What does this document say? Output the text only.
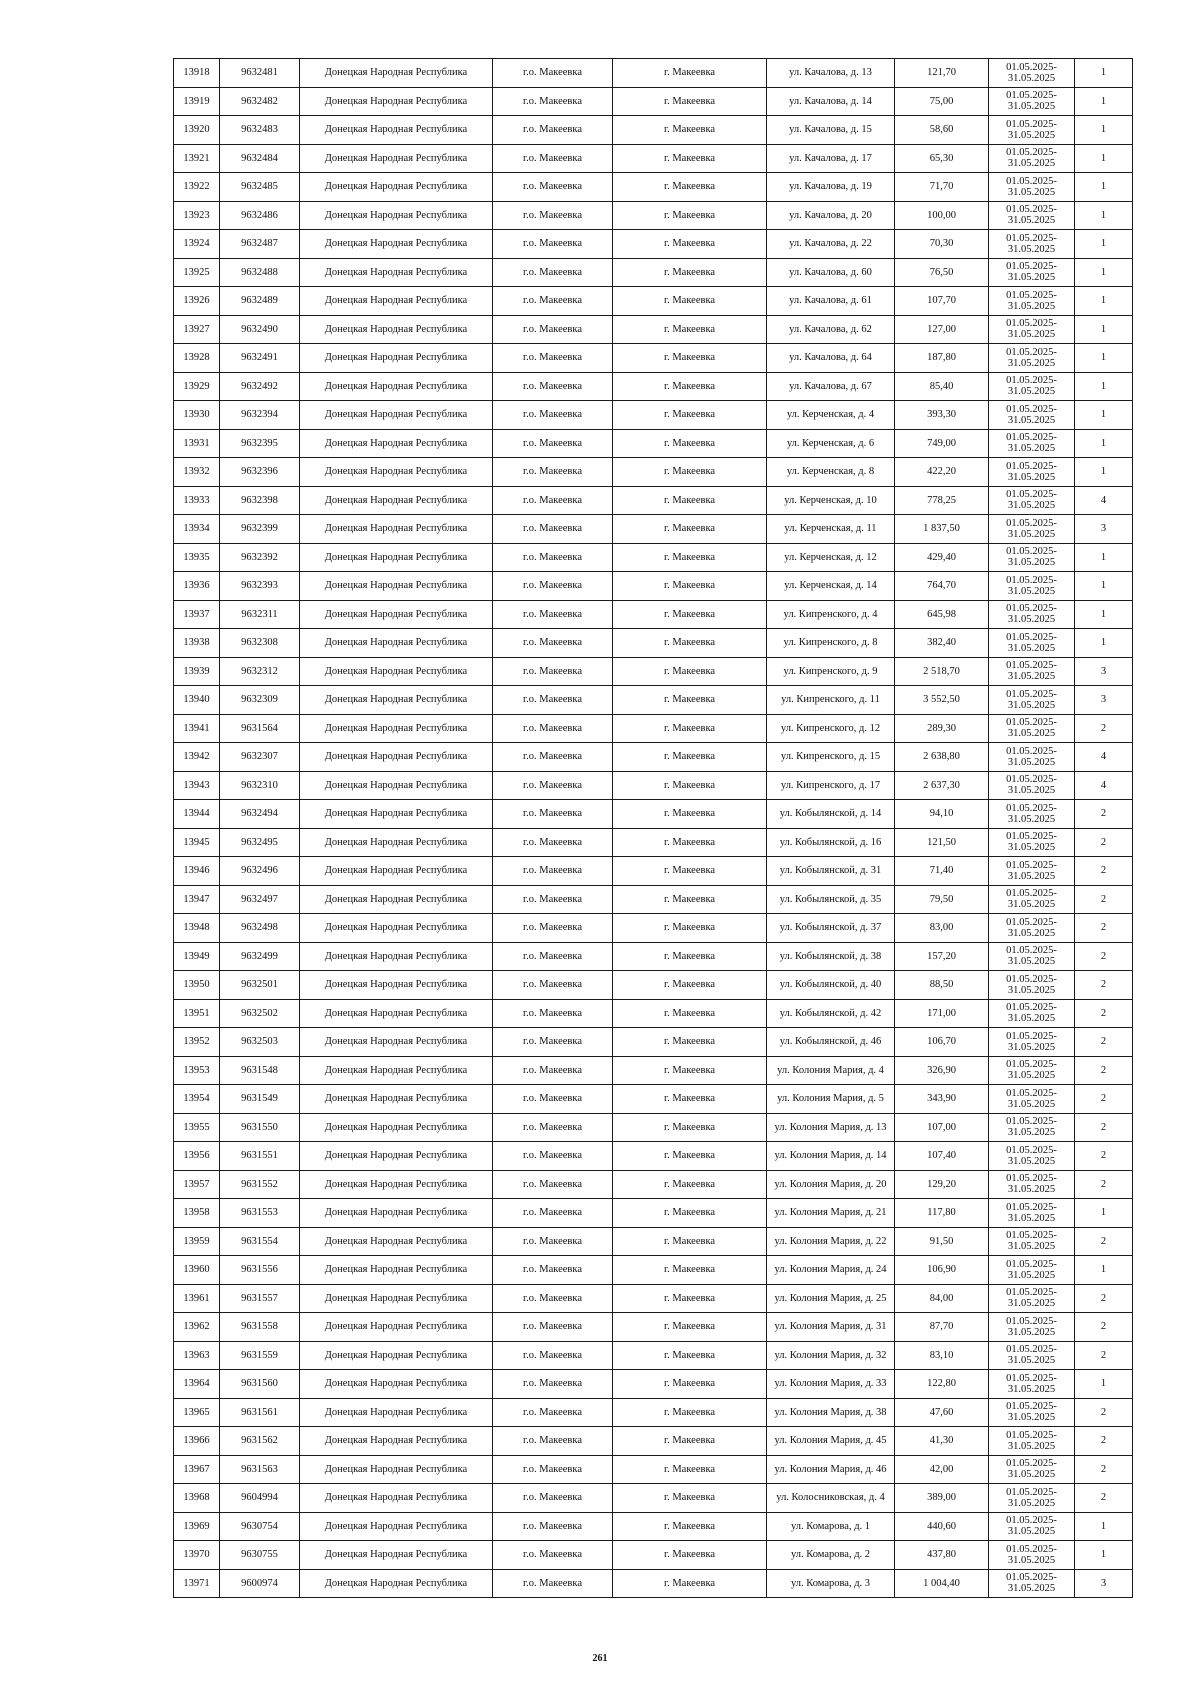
13918	9632481	Донецкая Народная Республика	г.о. Макеевка	г. Макеевка	ул. Качалова, д. 13	121,70	01.05.2025-
31.05.2025	1
13919	9632482	Донецкая Народная Республика	г.о. Макеевка	г. Макеевка	ул. Качалова, д. 14	75,00	01.05.2025-
31.05.2025	1
13920	9632483	Донецкая Народная Республика	г.о. Макеевка	г. Макеевка	ул. Качалова, д. 15	58,60	01.05.2025-
31.05.2025	1
13921	9632484	Донецкая Народная Республика	г.о. Макеевка	г. Макеевка	ул. Качалова, д. 17	65,30	01.05.2025-
31.05.2025	1
13922	9632485	Донецкая Народная Республика	г.о. Макеевка	г. Макеевка	ул. Качалова, д. 19	71,70	01.05.2025-
31.05.2025	1
13923	9632486	Донецкая Народная Республика	г.о. Макеевка	г. Макеевка	ул. Качалова, д. 20	100,00	01.05.2025-
31.05.2025	1
13924	9632487	Донецкая Народная Республика	г.о. Макеевка	г. Макеевка	ул. Качалова, д. 22	70,30	01.05.2025-
31.05.2025	1
13925	9632488	Донецкая Народная Республика	г.о. Макеевка	г. Макеевка	ул. Качалова, д. 60	76,50	01.05.2025-
31.05.2025	1
13926	9632489	Донецкая Народная Республика	г.о. Макеевка	г. Макеевка	ул. Качалова, д. 61	107,70	01.05.2025-
31.05.2025	1
13927	9632490	Донецкая Народная Республика	г.о. Макеевка	г. Макеевка	ул. Качалова, д. 62	127,00	01.05.2025-
31.05.2025	1
13928	9632491	Донецкая Народная Республика	г.о. Макеевка	г. Макеевка	ул. Качалова, д. 64	187,80	01.05.2025-
31.05.2025	1
13929	9632492	Донецкая Народная Республика	г.о. Макеевка	г. Макеевка	ул. Качалова, д. 67	85,40	01.05.2025-
31.05.2025	1
13930	9632394	Донецкая Народная Республика	г.о. Макеевка	г. Макеевка	ул. Керченская, д. 4	393,30	01.05.2025-
31.05.2025	1
13931	9632395	Донецкая Народная Республика	г.о. Макеевка	г. Макеевка	ул. Керченская, д. 6	749,00	01.05.2025-
31.05.2025	1
13932	9632396	Донецкая Народная Республика	г.о. Макеевка	г. Макеевка	ул. Керченская, д. 8	422,20	01.05.2025-
31.05.2025	1
13933	9632398	Донецкая Народная Республика	г.о. Макеевка	г. Макеевка	ул. Керченская, д. 10	778,25	01.05.2025-
31.05.2025	4
13934	9632399	Донецкая Народная Республика	г.о. Макеевка	г. Макеевка	ул. Керченская, д. 11	1 837,50	01.05.2025-
31.05.2025	3
13935	9632392	Донецкая Народная Республика	г.о. Макеевка	г. Макеевка	ул. Керченская, д. 12	429,40	01.05.2025-
31.05.2025	1
13936	9632393	Донецкая Народная Республика	г.о. Макеевка	г. Макеевка	ул. Керченская, д. 14	764,70	01.05.2025-
31.05.2025	1
13937	9632311	Донецкая Народная Республика	г.о. Макеевка	г. Макеевка	ул. Кипренского, д. 4	645,98	01.05.2025-
31.05.2025	1
13938	9632308	Донецкая Народная Республика	г.о. Макеевка	г. Макеевка	ул. Кипренского, д. 8	382,40	01.05.2025-
31.05.2025	1
13939	9632312	Донецкая Народная Республика	г.о. Макеевка	г. Макеевка	ул. Кипренского, д. 9	2 518,70	01.05.2025-
31.05.2025	3
13940	9632309	Донецкая Народная Республика	г.о. Макеевка	г. Макеевка	ул. Кипренского, д. 11	3 552,50	01.05.2025-
31.05.2025	3
13941	9631564	Донецкая Народная Республика	г.о. Макеевка	г. Макеевка	ул. Кипренского, д. 12	289,30	01.05.2025-
31.05.2025	2
13942	9632307	Донецкая Народная Республика	г.о. Макеевка	г. Макеевка	ул. Кипренского, д. 15	2 638,80	01.05.2025-
31.05.2025	4
13943	9632310	Донецкая Народная Республика	г.о. Макеевка	г. Макеевка	ул. Кипренского, д. 17	2 637,30	01.05.2025-
31.05.2025	4
13944	9632494	Донецкая Народная Республика	г.о. Макеевка	г. Макеевка	ул. Кобылянской, д. 14	94,10	01.05.2025-
31.05.2025	2
13945	9632495	Донецкая Народная Республика	г.о. Макеевка	г. Макеевка	ул. Кобылянской, д. 16	121,50	01.05.2025-
31.05.2025	2
13946	9632496	Донецкая Народная Республика	г.о. Макеевка	г. Макеевка	ул. Кобылянской, д. 31	71,40	01.05.2025-
31.05.2025	2
13947	9632497	Донецкая Народная Республика	г.о. Макеевка	г. Макеевка	ул. Кобылянской, д. 35	79,50	01.05.2025-
31.05.2025	2
13948	9632498	Донецкая Народная Республика	г.о. Макеевка	г. Макеевка	ул. Кобылянской, д. 37	83,00	01.05.2025-
31.05.2025	2
13949	9632499	Донецкая Народная Республика	г.о. Макеевка	г. Макеевка	ул. Кобылянской, д. 38	157,20	01.05.2025-
31.05.2025	2
13950	9632501	Донецкая Народная Республика	г.о. Макеевка	г. Макеевка	ул. Кобылянской, д. 40	88,50	01.05.2025-
31.05.2025	2
13951	9632502	Донецкая Народная Республика	г.о. Макеевка	г. Макеевка	ул. Кобылянской, д. 42	171,00	01.05.2025-
31.05.2025	2
13952	9632503	Донецкая Народная Республика	г.о. Макеевка	г. Макеевка	ул. Кобылянской, д. 46	106,70	01.05.2025-
31.05.2025	2
13953	9631548	Донецкая Народная Республика	г.о. Макеевка	г. Макеевка	ул. Колония Мария, д. 4	326,90	01.05.2025-
31.05.2025	2
13954	9631549	Донецкая Народная Республика	г.о. Макеевка	г. Макеевка	ул. Колония Мария, д. 5	343,90	01.05.2025-
31.05.2025	2
13955	9631550	Донецкая Народная Республика	г.о. Макеевка	г. Макеевка	ул. Колония Мария, д. 13	107,00	01.05.2025-
31.05.2025	2
13956	9631551	Донецкая Народная Республика	г.о. Макеевка	г. Макеевка	ул. Колония Мария, д. 14	107,40	01.05.2025-
31.05.2025	2
13957	9631552	Донецкая Народная Республика	г.о. Макеевка	г. Макеевка	ул. Колония Мария, д. 20	129,20	01.05.2025-
31.05.2025	2
13958	9631553	Донецкая Народная Республика	г.о. Макеевка	г. Макеевка	ул. Колония Мария, д. 21	117,80	01.05.2025-
31.05.2025	1
13959	9631554	Донецкая Народная Республика	г.о. Макеевка	г. Макеевка	ул. Колония Мария, д. 22	91,50	01.05.2025-
31.05.2025	2
13960	9631556	Донецкая Народная Республика	г.о. Макеевка	г. Макеевка	ул. Колония Мария, д. 24	106,90	01.05.2025-
31.05.2025	1
13961	9631557	Донецкая Народная Республика	г.о. Макеевка	г. Макеевка	ул. Колония Мария, д. 25	84,00	01.05.2025-
31.05.2025	2
13962	9631558	Донецкая Народная Республика	г.о. Макеевка	г. Макеевка	ул. Колония Мария, д. 31	87,70	01.05.2025-
31.05.2025	2
13963	9631559	Донецкая Народная Республика	г.о. Макеевка	г. Макеевка	ул. Колония Мария, д. 32	83,10	01.05.2025-
31.05.2025	2
13964	9631560	Донецкая Народная Республика	г.о. Макеевка	г. Макеевка	ул. Колония Мария, д. 33	122,80	01.05.2025-
31.05.2025	1
13965	9631561	Донецкая Народная Республика	г.о. Макеевка	г. Макеевка	ул. Колония Мария, д. 38	47,60	01.05.2025-
31.05.2025	2
13966	9631562	Донецкая Народная Республика	г.о. Макеевка	г. Макеевка	ул. Колония Мария, д. 45	41,30	01.05.2025-
31.05.2025	2
13967	9631563	Донецкая Народная Республика	г.о. Макеевка	г. Макеевка	ул. Колония Мария, д. 46	42,00	01.05.2025-
31.05.2025	2
13968	9604994	Донецкая Народная Республика	г.о. Макеевка	г. Макеевка	ул. Колосниковская, д. 4	389,00	01.05.2025-
31.05.2025	2
13969	9630754	Донецкая Народная Республика	г.о. Макеевка	г. Макеевка	ул. Комарова, д. 1	440,60	01.05.2025-
31.05.2025	1
13970	9630755	Донецкая Народная Республика	г.о. Макеевка	г. Макеевка	ул. Комарова, д. 2	437,80	01.05.2025-
31.05.2025	1
13971	9600974	Донецкая Народная Республика	г.о. Макеевка	г. Макеевка	ул. Комарова, д. 3	1 004,40	01.05.2025-
31.05.2025	3
261
